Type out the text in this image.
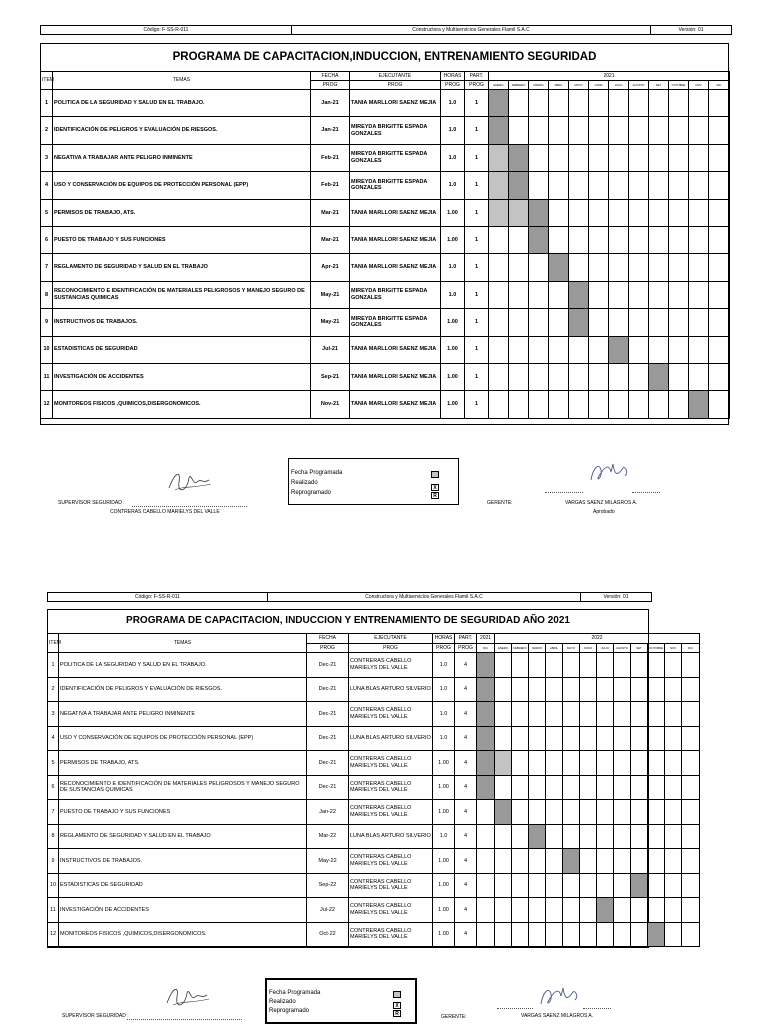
Código: F-SS-R-011	Constructora y Multiservicios Generales Flamil S.A.C	Versión: 01
PROGRAMA DE CAPACITACION,INDUCCION, ENTRENAMIENTO SEGURIDAD
ITEM	TEMAS	FECHA	EJECUTANTE	HORAS	PART.	2021											
		PROG	PROG	PROG	PROG	ENERO	FEBRERO	MARZO	ABRIL	MAYO	JUNIO	JULIO	AGOSTO	SET	OCTUBRE	NOV	DIC
1	POLITICA DE LA SEGURIDAD Y SALUD EN EL TRABAJO.	Jan-21	TANIA MARLLORI SAENZ MEJIA	1.0	1												
2	IDENTIFICACIÓN DE PELIGROS Y EVALUACIÓN DE RIESGOS.	Jan-21	MIREYDA BRIGITTE ESPADA GONZALES	1.0	1												
3	NEGATIVA A TRABAJAR ANTE PELIGRO INMINENTE	Feb-21	MIREYDA BRIGITTE ESPADA GONZALES	1.0	1												
4	USO Y CONSERVACIÓN DE EQUIPOS DE PROTECCIÓN PERSONAL (EPP)	Feb-21	MIREYDA BRIGITTE ESPADA GONZALES	1.0	1												
5	PERMISOS DE TRABAJO, ATS.	Mar-21	TANIA MARLLORI SAENZ MEJIA	1.00	1												
6	PUESTO DE TRABAJO Y SUS FUNCIONES	Mar-21	TANIA MARLLORI SAENZ MEJIA	1.00	1												
7	REGLAMENTO DE SEGURIDAD Y SALUD EN EL TRABAJO	Apr-21	TANIA MARLLORI SAENZ MEJIA	1.0	1												
8	RECONOCIMIENTO E IDENTIFICACIÓN DE MATERIALES PELIGROSOS Y MANEJO SEGURO DE SUSTANCIAS QUIMICAS	May-21	MIREYDA BRIGITTE ESPADA GONZALES	1.0	1												
9	INSTRUCTIVOS DE TRABAJOS.	May-21	MIREYDA BRIGITTE ESPADA GONZALES	1.00	1												
10	ESTADISTICAS DE SEGURIDAD	Jul-21	TANIA MARLLORI SAENZ MEJIA	1.00	1												
11	INVESTIGACIÓN DE ACCIDENTES	Sep-21	TANIA MARLLORI SAENZ MEJIA	1.00	1												
12	MONITOREOS FISICOS ,QUIMICOS,DISERGONOMICOS.	Nov-21	TANIA MARLLORI SAENZ MEJIA	1.00	1												
SUPERVISOR SEGURIDAD :
CONTRERAS CABELLO MARIELYS DEL VALLE
Fecha Programada
Realizado
Reprogramado
X
R
GERENTE:	VARGAS SAENZ MILAGROS A.
Aprobado
Código: F-SS-R-011	Constructora y Multiservicios Generales Flamil S.A.C	Versión: 01
PROGRAMA DE CAPACITACION, INDUCCION Y ENTRENAMIENTO DE SEGURIDAD AÑO 2021
ITEM	TEMAS	FECHA	EJECUTANTE	HORAS	PART.	2021	2022											
		PROG	PROG	PROG	PROG	DIC	ENERO	FEBRERO	MARZO	ABRIL	MAYO	JUNIO	JULIO	AGOSTO	SET	OCTUBRE	NOV	DIC
1	POLITICA DE LA SEGURIDAD Y SALUD EN EL TRABAJO.	Dec-21	CONTRERAS CABELLO MARIELYS DEL VALLE	1.0	4													
2	IDENTIFICACIÓN DE PELIGROS Y EVALUACIÓN DE RIESGOS.	Dec-21	LUNA BLAS ARTURO SILVERIO	1.0	4													
3	NEGATIVA A TRABAJAR ANTE PELIGRO INMINENTE	Dec-21	CONTRERAS CABELLO MARIELYS DEL VALLE	1.0	4													
4	USO Y CONSERVACIÓN DE EQUIPOS DE PROTECCIÓN PERSONAL (EPP)	Dec-21	LUNA BLAS ARTURO SILVERIO	1.0	4													
5	PERMISOS DE TRABAJO, ATS.	Dec-21	CONTRERAS CABELLO MARIELYS DEL VALLE	1.00	4													
6	RECONOCIMIENTO E IDENTIFICACIÓN DE MATERIALES PELIGROSOS Y MANEJO SEGURO DE SUSTANCIAS QUIMICAS	Dec-21	CONTRERAS CABELLO MARIELYS DEL VALLE	1.00	4													
7	PUESTO DE TRABAJO Y SUS FUNCIONES	Jan-22	CONTRERAS CABELLO MARIELYS DEL VALLE	1.00	4													
8	REGLAMENTO DE SEGURIDAD Y SALUD EN EL TRABAJO	Mar-22	LUNA BLAS ARTURO SILVERIO	1.0	4													
9	INSTRUCTIVOS DE TRABAJOS.	May-22	CONTRERAS CABELLO MARIELYS DEL VALLE	1.00	4													
10	ESTADISTICAS DE SEGURIDAD	Sep-22	CONTRERAS CABELLO MARIELYS DEL VALLE	1.00	4													
11	INVESTIGACIÓN DE ACCIDENTES	Jul-22	CONTRERAS CABELLO MARIELYS DEL VALLE	1.00	4													
12	MONITOREOS FISICOS ,QUIMICOS,DISERGONOMICOS.	Oct-22	CONTRERAS CABELLO MARIELYS DEL VALLE	1.00	4													
SUPERVISOR SEGURIDAD :
Fecha Programada
Realizado
Reprogramado
X
R	GERENTE:	VARGAS SAENZ MILAGROS A.
